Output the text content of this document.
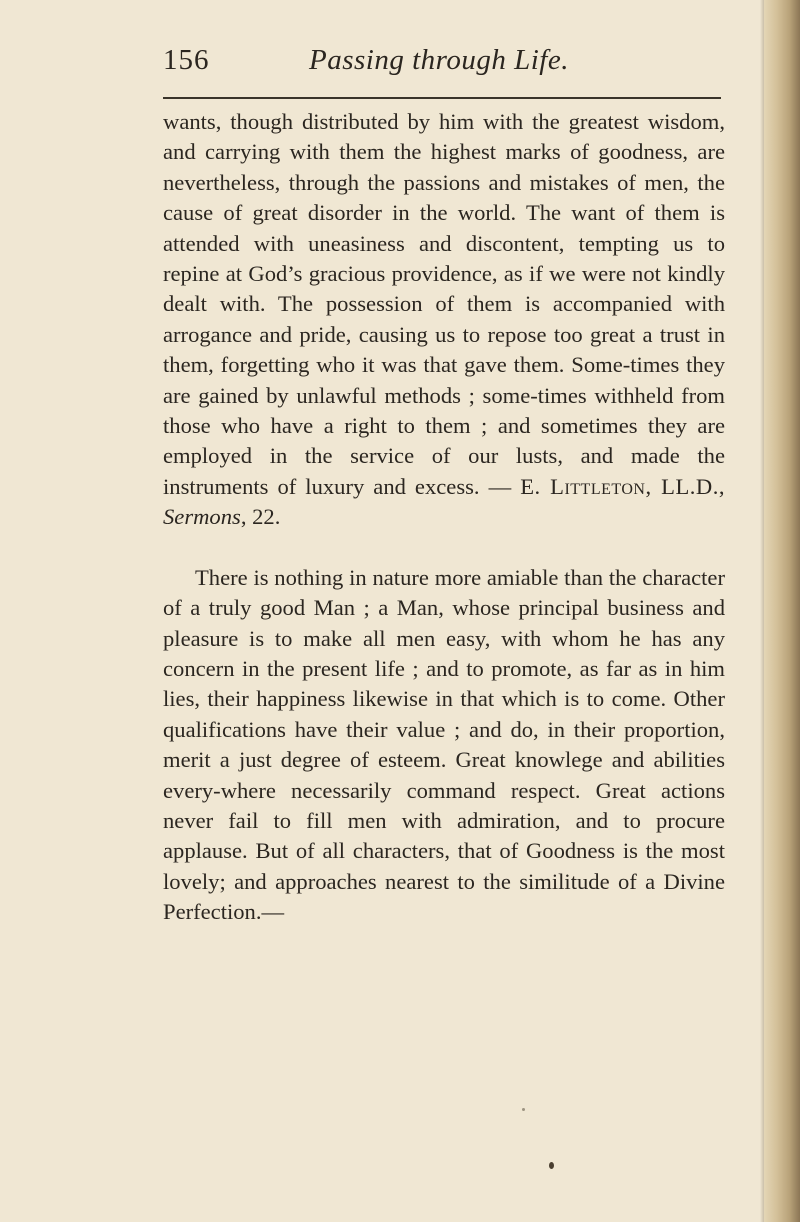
156	Passing through Life.

wants, though distributed by him with the greatest wisdom, and carrying with them the highest marks of goodness, are nevertheless, through the passions and mistakes of men, the cause of great disorder in the world. The want of them is attended with uneasiness and discontent, tempting us to repine at God’s gracious providence, as if we were not kindly dealt with. The possession of them is accompanied with arrogance and pride, causing us to repose too great a trust in them, forgetting who it was that gave them. Some-times they are gained by unlawful methods ; some-times withheld from those who have a right to them ; and sometimes they are employed in the service of our lusts, and made the instruments of luxury and excess. — E. Littleton, LL.D., Sermons, 22.

There is nothing in nature more amiable than the character of a truly good Man ; a Man, whose principal business and pleasure is to make all men easy, with whom he has any concern in the present life ; and to promote, as far as in him lies, their happiness likewise in that which is to come. Other qualifications have their value ; and do, in their proportion, merit a just degree of esteem. Great knowlege and abilities every-where necessarily command respect. Great actions never fail to fill men with admiration, and to procure applause. But of all characters, that of Goodness is the most lovely; and approaches nearest to the similitude of a Divine Perfection.—
